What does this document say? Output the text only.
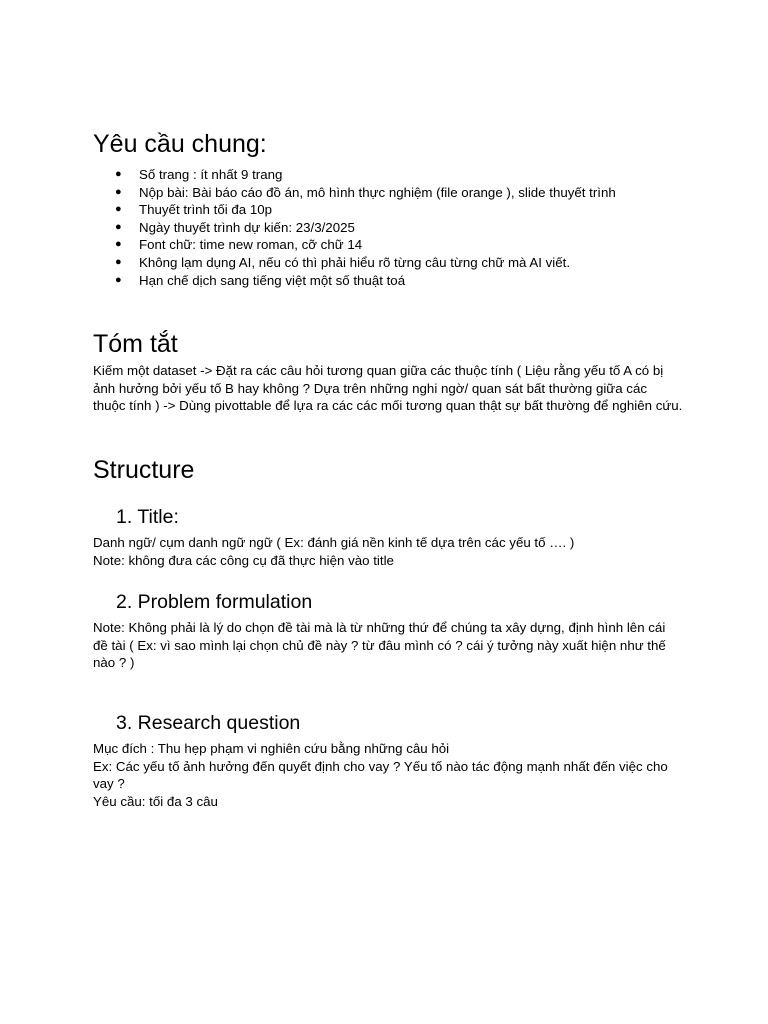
Yêu cầu chung:
● Số trang : ít nhất 9 trang
● Nộp bài: Bài báo cáo đồ án, mô hình thực nghiệm (file orange ), slide thuyết trình
● Thuyết trình tối đa 10p
● Ngày thuyết trình dự kiến: 23/3/2025
● Font chữ: time new roman, cỡ chữ 14
● Không lạm dụng AI, nếu có thì phải hiểu rõ từng câu từng chữ mà AI viết.
● Hạn chế dịch sang tiếng việt một số thuật toá
Tóm tắt

Kiếm một dataset -> Đặt ra các câu hỏi tương quan giữa các thuộc tính ( Liệu rằng yếu tố A có bị ảnh hưởng bởi yếu tố B hay không ? Dựa trên những nghi ngờ/ quan sát bất thường giữa các thuộc tính ) -> Dùng pivottable để lựa ra các các mối tương quan thật sự bất thường để nghiên cứu.

Structure
1. Title:

Danh ngữ/ cụm danh ngữ ngữ ( Ex: đánh giá nền kinh tế dựa trên các yếu tố …. )

Note: không đưa các công cụ đã thực hiện vào title

2. Problem formulation

Note: Không phải là lý do chọn đề tài mà là từ những thứ để chúng ta xây dựng, định hình lên cái đề tài ( Ex: vì sao mình lại chọn chủ đề này ? từ đâu mình có ? cái ý tưởng này xuất hiện như thế nào ? )

3. Research question

Mục đích : Thu hẹp phạm vi nghiên cứu bằng những câu hỏi

Ex: Các yếu tố ảnh hưởng đến quyết định cho vay ? Yếu tố nào tác động mạnh nhất đến việc cho vay ?

Yêu cầu: tối đa 3 câu
